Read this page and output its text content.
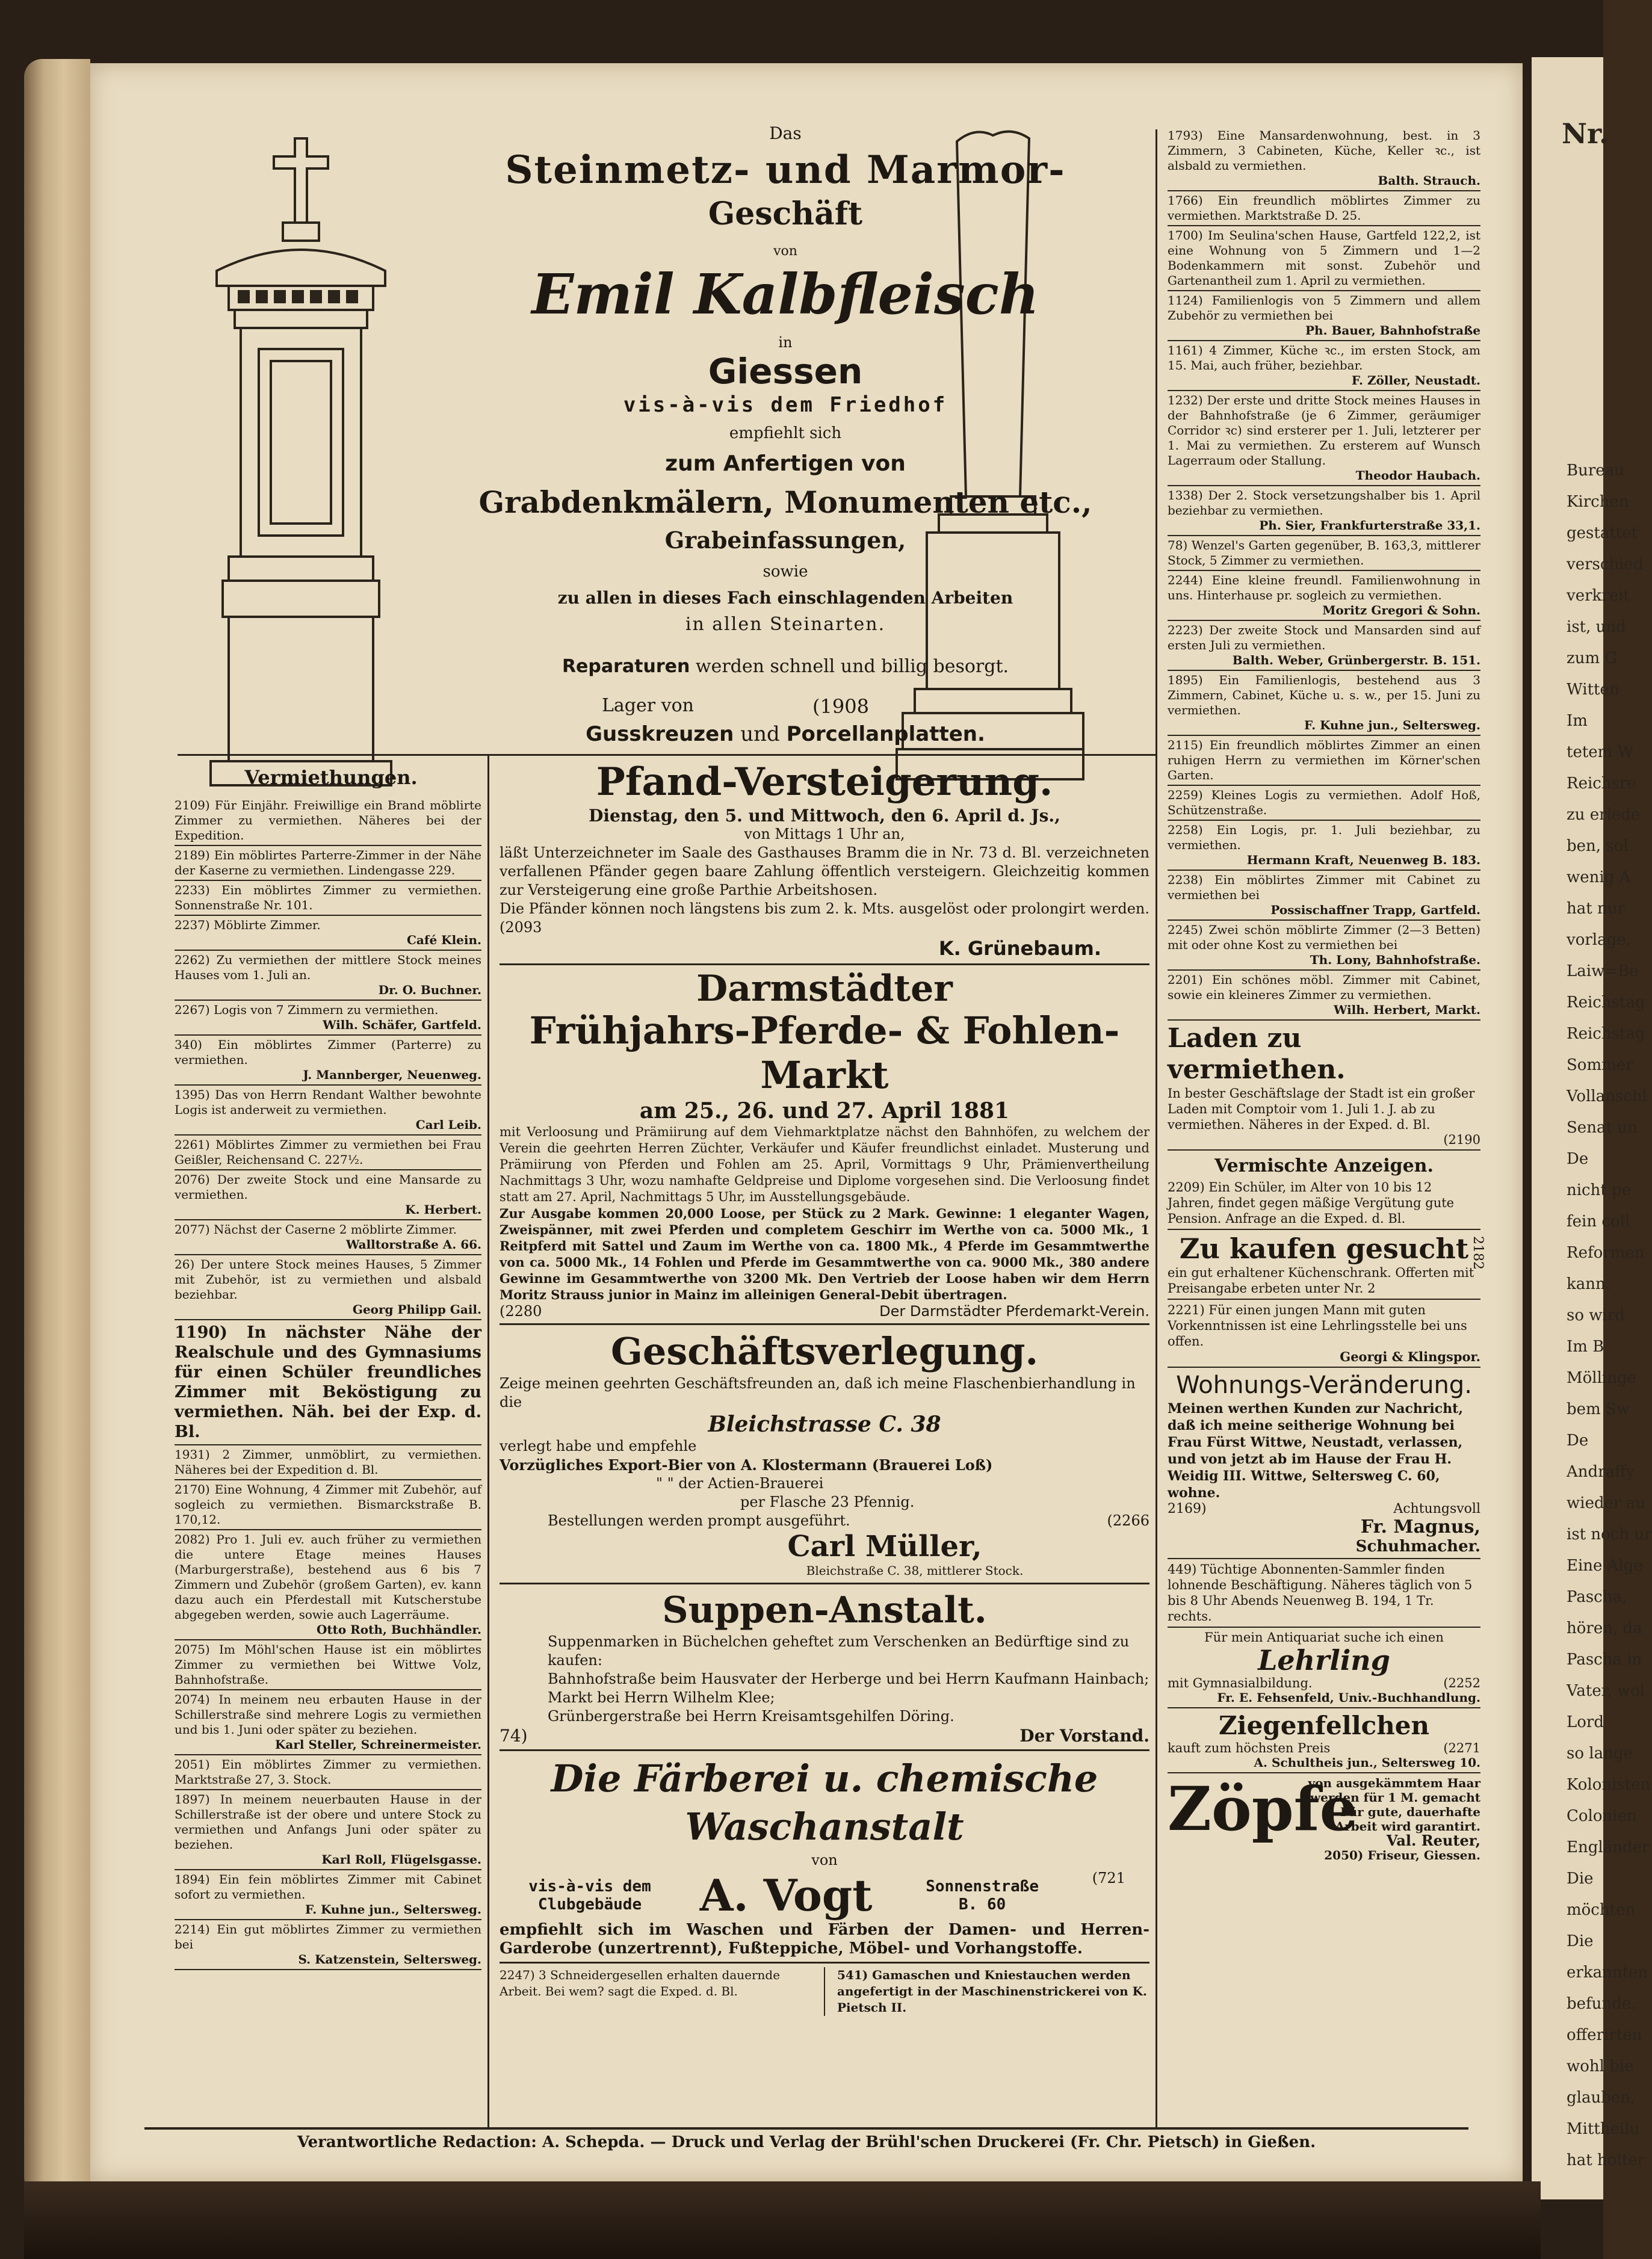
Nr.
Bureau
Kirchen
gestattet
verschied
verkreit
ist, und
zum G
Witten
Im
tetem W
Reichsre
zu erlede
ben, sol
wenig A
hat nur
vorlage,
Laiw=Be
Reichstag
Reichstag
Sommer
Vollanschl
Senat un
De
nicht pe
fein coll
Reformen
kann.
so wird
Im B
Möllinge
bem Sw
De
Andraffy
wieder au
ist noch ur
Eine Alge
Pascha,
hören, da
Pascha in
Vater, wol
Lord
so lange
Kolonisten
Colonien
Engländer
Die
möchten
Die
erkannten
befunde.
offerirten
wohl bie
glauben,
Mittheilu
hat holter
Das
Steinmetz- und Marmor-
Geschäft
von
Emil Kalbfleisch
in
Giessen
vis-à-vis dem Friedhof
empfiehlt sich
zum Anfertigen von
Grabdenkmälern, Monumenten etc.,
Grabeinfassungen,
sowie
zu allen in dieses Fach einschlagenden Arbeiten
in allen Steinarten.
Reparaturen werden schnell und billig besorgt.
Lager von	(1908
Gusskreuzen und Porcellanplatten.
1793) Eine Mansardenwohnung, best. in 3 Zimmern, 3 Cabineten, Küche, Keller ꝛc., ist alsbald zu vermiethen.
Balth. Strauch.
1766) Ein freundlich möblirtes Zimmer zu vermiethen. Marktstraße D. 25.
1700) Im Seulina'schen Hause, Gartfeld 122,2, ist eine Wohnung von 5 Zimmern und 1—2 Bodenkammern mit sonst. Zubehör und Gartenantheil zum 1. April zu vermiethen.
1124) Familienlogis von 5 Zimmern und allem Zubehör zu vermiethen bei
Ph. Bauer, Bahnhofstraße
1161) 4 Zimmer, Küche ꝛc., im ersten Stock, am 15. Mai, auch früher, beziehbar.
F. Zöller, Neustadt.
1232) Der erste und dritte Stock meines Hauses in der Bahnhofstraße (je 6 Zimmer, geräumiger Corridor ꝛc) sind ersterer per 1. Juli, letzterer per 1. Mai zu vermiethen. Zu ersterem auf Wunsch Lagerraum oder Stallung.
Theodor Haubach.
1338) Der 2. Stock versetzungshalber bis 1. April beziehbar zu vermiethen.
Ph. Sier, Frankfurterstraße 33,1.
78) Wenzel's Garten gegenüber, B. 163,3, mittlerer Stock, 5 Zimmer zu vermiethen.
2244) Eine kleine freundl. Familienwohnung in uns. Hinterhause pr. sogleich zu vermiethen.
Moritz Gregori & Sohn.
2223) Der zweite Stock und Mansarden sind auf ersten Juli zu vermiethen.
Balth. Weber, Grünbergerstr. B. 151.
1895) Ein Familienlogis, bestehend aus 3 Zimmern, Cabinet, Küche u. s. w., per 15. Juni zu vermiethen.
F. Kuhne jun., Seltersweg.
2115) Ein freundlich möblirtes Zimmer an einen ruhigen Herrn zu vermiethen im Körner'schen Garten.
2259) Kleines Logis zu vermiethen. Adolf Hoß, Schützenstraße.
2258) Ein Logis, pr. 1. Juli beziehbar, zu vermiethen.
Hermann Kraft, Neuenweg B. 183.
2238) Ein möblirtes Zimmer mit Cabinet zu vermiethen bei
Possischaffner Trapp, Gartfeld.
2245) Zwei schön möblirte Zimmer (2—3 Betten) mit oder ohne Kost zu vermiethen bei
Th. Lony, Bahnhofstraße.
2201) Ein schönes möbl. Zimmer mit Cabinet, sowie ein kleineres Zimmer zu vermiethen.
Wilh. Herbert, Markt.
Laden zu vermiethen.
In bester Geschäftslage der Stadt ist ein großer Laden mit Comptoir vom 1. Juli 1. J. ab zu vermiethen. Näheres in der Exped. d. Bl.
(2190
Vermischte Anzeigen.
2209) Ein Schüler, im Alter von 10 bis 12 Jahren, findet gegen mäßige Vergütung gute Pension. Anfrage an die Exped. d. Bl.
Zu kaufen gesucht
ein gut erhaltener Küchenschrank. Offerten mit Preisangabe erbeten unter Nr. 2
2182
2221) Für einen jungen Mann mit guten Vorkenntnissen ist eine Lehrlingsstelle bei uns offen.
Georgi & Klingspor.
Wohnungs-Veränderung.
Meinen werthen Kunden zur Nachricht, daß ich meine seitherige Wohnung bei Frau Fürst Wittwe, Neustadt, verlassen, und von jetzt ab im Hause der Frau H. Weidig III. Wittwe, Seltersweg C. 60, wohne.
2169)	Achtungsvoll
Fr. Magnus,
Schuhmacher.
449) Tüchtige Abonnenten-Sammler finden lohnende Beschäftigung. Näheres täglich von 5 bis 8 Uhr Abends Neuenweg B. 194, 1 Tr. rechts.
Für mein Antiquariat suche ich einen
Lehrling
mit Gymnasialbildung.	(2252
Fr. E. Fehsenfeld, Univ.-Buchhandlung.
Ziegenfellchen
kauft zum höchsten Preis	(2271
A. Schultheis jun., Seltersweg 10.
Zöpfe
von ausgekämmtem Haar
werden für 1 M. gemacht
Für gute, dauerhafte
Arbeit wird garantirt.
Val. Reuter,
2050) Friseur, Giessen.
Vermiethungen.
2109) Für Einjähr. Freiwillige ein Brand möblirte Zimmer zu vermiethen. Näheres bei der Expedition.
2189) Ein möblirtes Parterre-Zimmer in der Nähe der Kaserne zu vermiethen. Lindengasse 229.
2233) Ein möblirtes Zimmer zu vermiethen. Sonnenstraße Nr. 101.
2237) Möblirte Zimmer.
Café Klein.
2262) Zu vermiethen der mittlere Stock meines Hauses vom 1. Juli an.
Dr. O. Buchner.
2267) Logis von 7 Zimmern zu vermiethen.
Wilh. Schäfer, Gartfeld.
340) Ein möblirtes Zimmer (Parterre) zu vermiethen.
J. Mannberger, Neuenweg.
1395) Das von Herrn Rendant Walther bewohnte Logis ist anderweit zu vermiethen.
Carl Leib.
2261) Möblirtes Zimmer zu vermiethen bei Frau Geißler, Reichensand C. 227½.
2076) Der zweite Stock und eine Mansarde zu vermiethen.
K. Herbert.
2077) Nächst der Caserne 2 möblirte Zimmer.
Walltorstraße A. 66.
26) Der untere Stock meines Hauses, 5 Zimmer mit Zubehör, ist zu vermiethen und alsbald beziehbar.
Georg Philipp Gail.
1190) In nächster Nähe der Realschule und des Gymnasiums für einen Schüler freundliches Zimmer mit Beköstigung zu vermiethen. Näh. bei der Exp. d. Bl.
1931) 2 Zimmer, unmöblirt, zu vermiethen. Näheres bei der Expedition d. Bl.
2170) Eine Wohnung, 4 Zimmer mit Zubehör, auf sogleich zu vermiethen. Bismarckstraße B. 170,12.
2082) Pro 1. Juli ev. auch früher zu vermiethen die untere Etage meines Hauses (Marburgerstraße), bestehend aus 6 bis 7 Zimmern und Zubehör (großem Garten), ev. kann dazu auch ein Pferdestall mit Kutscherstube abgegeben werden, sowie auch Lagerräume.
Otto Roth, Buchhändler.
2075) Im Möhl'schen Hause ist ein möblirtes Zimmer zu vermiethen bei Wittwe Volz, Bahnhofstraße.
2074) In meinem neu erbauten Hause in der Schillerstraße sind mehrere Logis zu vermiethen und bis 1. Juni oder später zu beziehen.
Karl Steller, Schreinermeister.
2051) Ein möblirtes Zimmer zu vermiethen. Marktstraße 27, 3. Stock.
1897) In meinem neuerbauten Hause in der Schillerstraße ist der obere und untere Stock zu vermiethen und Anfangs Juni oder später zu beziehen.
Karl Roll, Flügelsgasse.
1894) Ein fein möblirtes Zimmer mit Cabinet sofort zu vermiethen.
F. Kuhne jun., Seltersweg.
2214) Ein gut möblirtes Zimmer zu vermiethen bei
S. Katzenstein, Seltersweg.
Pfand-Versteigerung.
Dienstag, den 5. und Mittwoch, den 6. April d. Js.,
von Mittags 1 Uhr an,
läßt Unterzeichneter im Saale des Gasthauses Bramm die in Nr. 73 d. Bl. verzeichneten verfallenen Pfänder gegen baare Zahlung öffentlich versteigern. Gleichzeitig kommen zur Versteigerung eine große Parthie Arbeitshosen.
Die Pfänder können noch längstens bis zum 2. k. Mts. ausgelöst oder prolongirt werden. (2093
K. Grünebaum.
Darmstädter
Frühjahrs-Pferde- & Fohlen-Markt
am 25., 26. und 27. April 1881
mit Verloosung und Prämiirung auf dem Viehmarktplatze nächst den Bahnhöfen, zu welchem der Verein die geehrten Herren Züchter, Verkäufer und Käufer freundlichst einladet. Musterung und Prämiirung von Pferden und Fohlen am 25. April, Vormittags 9 Uhr, Prämienvertheilung Nachmittags 3 Uhr, wozu namhafte Geldpreise und Diplome vorgesehen sind. Die Verloosung findet statt am 27. April, Nachmittags 5 Uhr, im Ausstellungsgebäude.
Zur Ausgabe kommen 20,000 Loose, per Stück zu 2 Mark. Gewinne: 1 eleganter Wagen, Zweispänner, mit zwei Pferden und completem Geschirr im Werthe von ca. 5000 Mk., 1 Reitpferd mit Sattel und Zaum im Werthe von ca. 1800 Mk., 4 Pferde im Gesammtwerthe von ca. 5000 Mk., 14 Fohlen und Pferde im Gesammtwerthe von ca. 9000 Mk., 380 andere Gewinne im Gesammtwerthe von 3200 Mk. Den Vertrieb der Loose haben wir dem Herrn Moritz Strauss junior in Mainz im alleinigen General-Debit übertragen.
(2280	Der Darmstädter Pferdemarkt-Verein.
Geschäftsverlegung.
Zeige meinen geehrten Geschäftsfreunden an, daß ich meine Flaschenbierhandlung in die
Bleichstrasse C. 38
verlegt habe und empfehle
Vorzügliches Export-Bier von A. Klostermann (Brauerei Loß)
" " der Actien-Brauerei
per Flasche 23 Pfennig.
Bestellungen werden prompt ausgeführt.	(2266
Carl Müller,
Bleichstraße C. 38, mittlerer Stock.
Suppen-Anstalt.
Suppenmarken in Büchelchen geheftet zum Verschenken an Bedürftige sind zu kaufen:
Bahnhofstraße beim Hausvater der Herberge und bei Herrn Kaufmann Hainbach;
Markt bei Herrn Wilhelm Klee;
Grünbergerstraße bei Herrn Kreisamtsgehilfen Döring.
74)	Der Vorstand.
Die Färberei u. chemische Waschanstalt
von
vis-à-vis dem Clubgebäude	A. Vogt	Sonnenstraße B. 60
(721
empfiehlt sich im Waschen und Färben der Damen- und Herren-Garderobe (unzertrennt), Fußteppiche, Möbel- und Vorhangstoffe.
2247) 3 Schneidergesellen erhalten dauernde Arbeit. Bei wem? sagt die Exped. d. Bl.
541) Gamaschen und Kniestauchen werden angefertigt in der Maschinenstrickerei von K. Pietsch II.
Verantwortliche Redaction: A. Schepda. — Druck und Verlag der Brühl'schen Druckerei (Fr. Chr. Pietsch) in Gießen.
